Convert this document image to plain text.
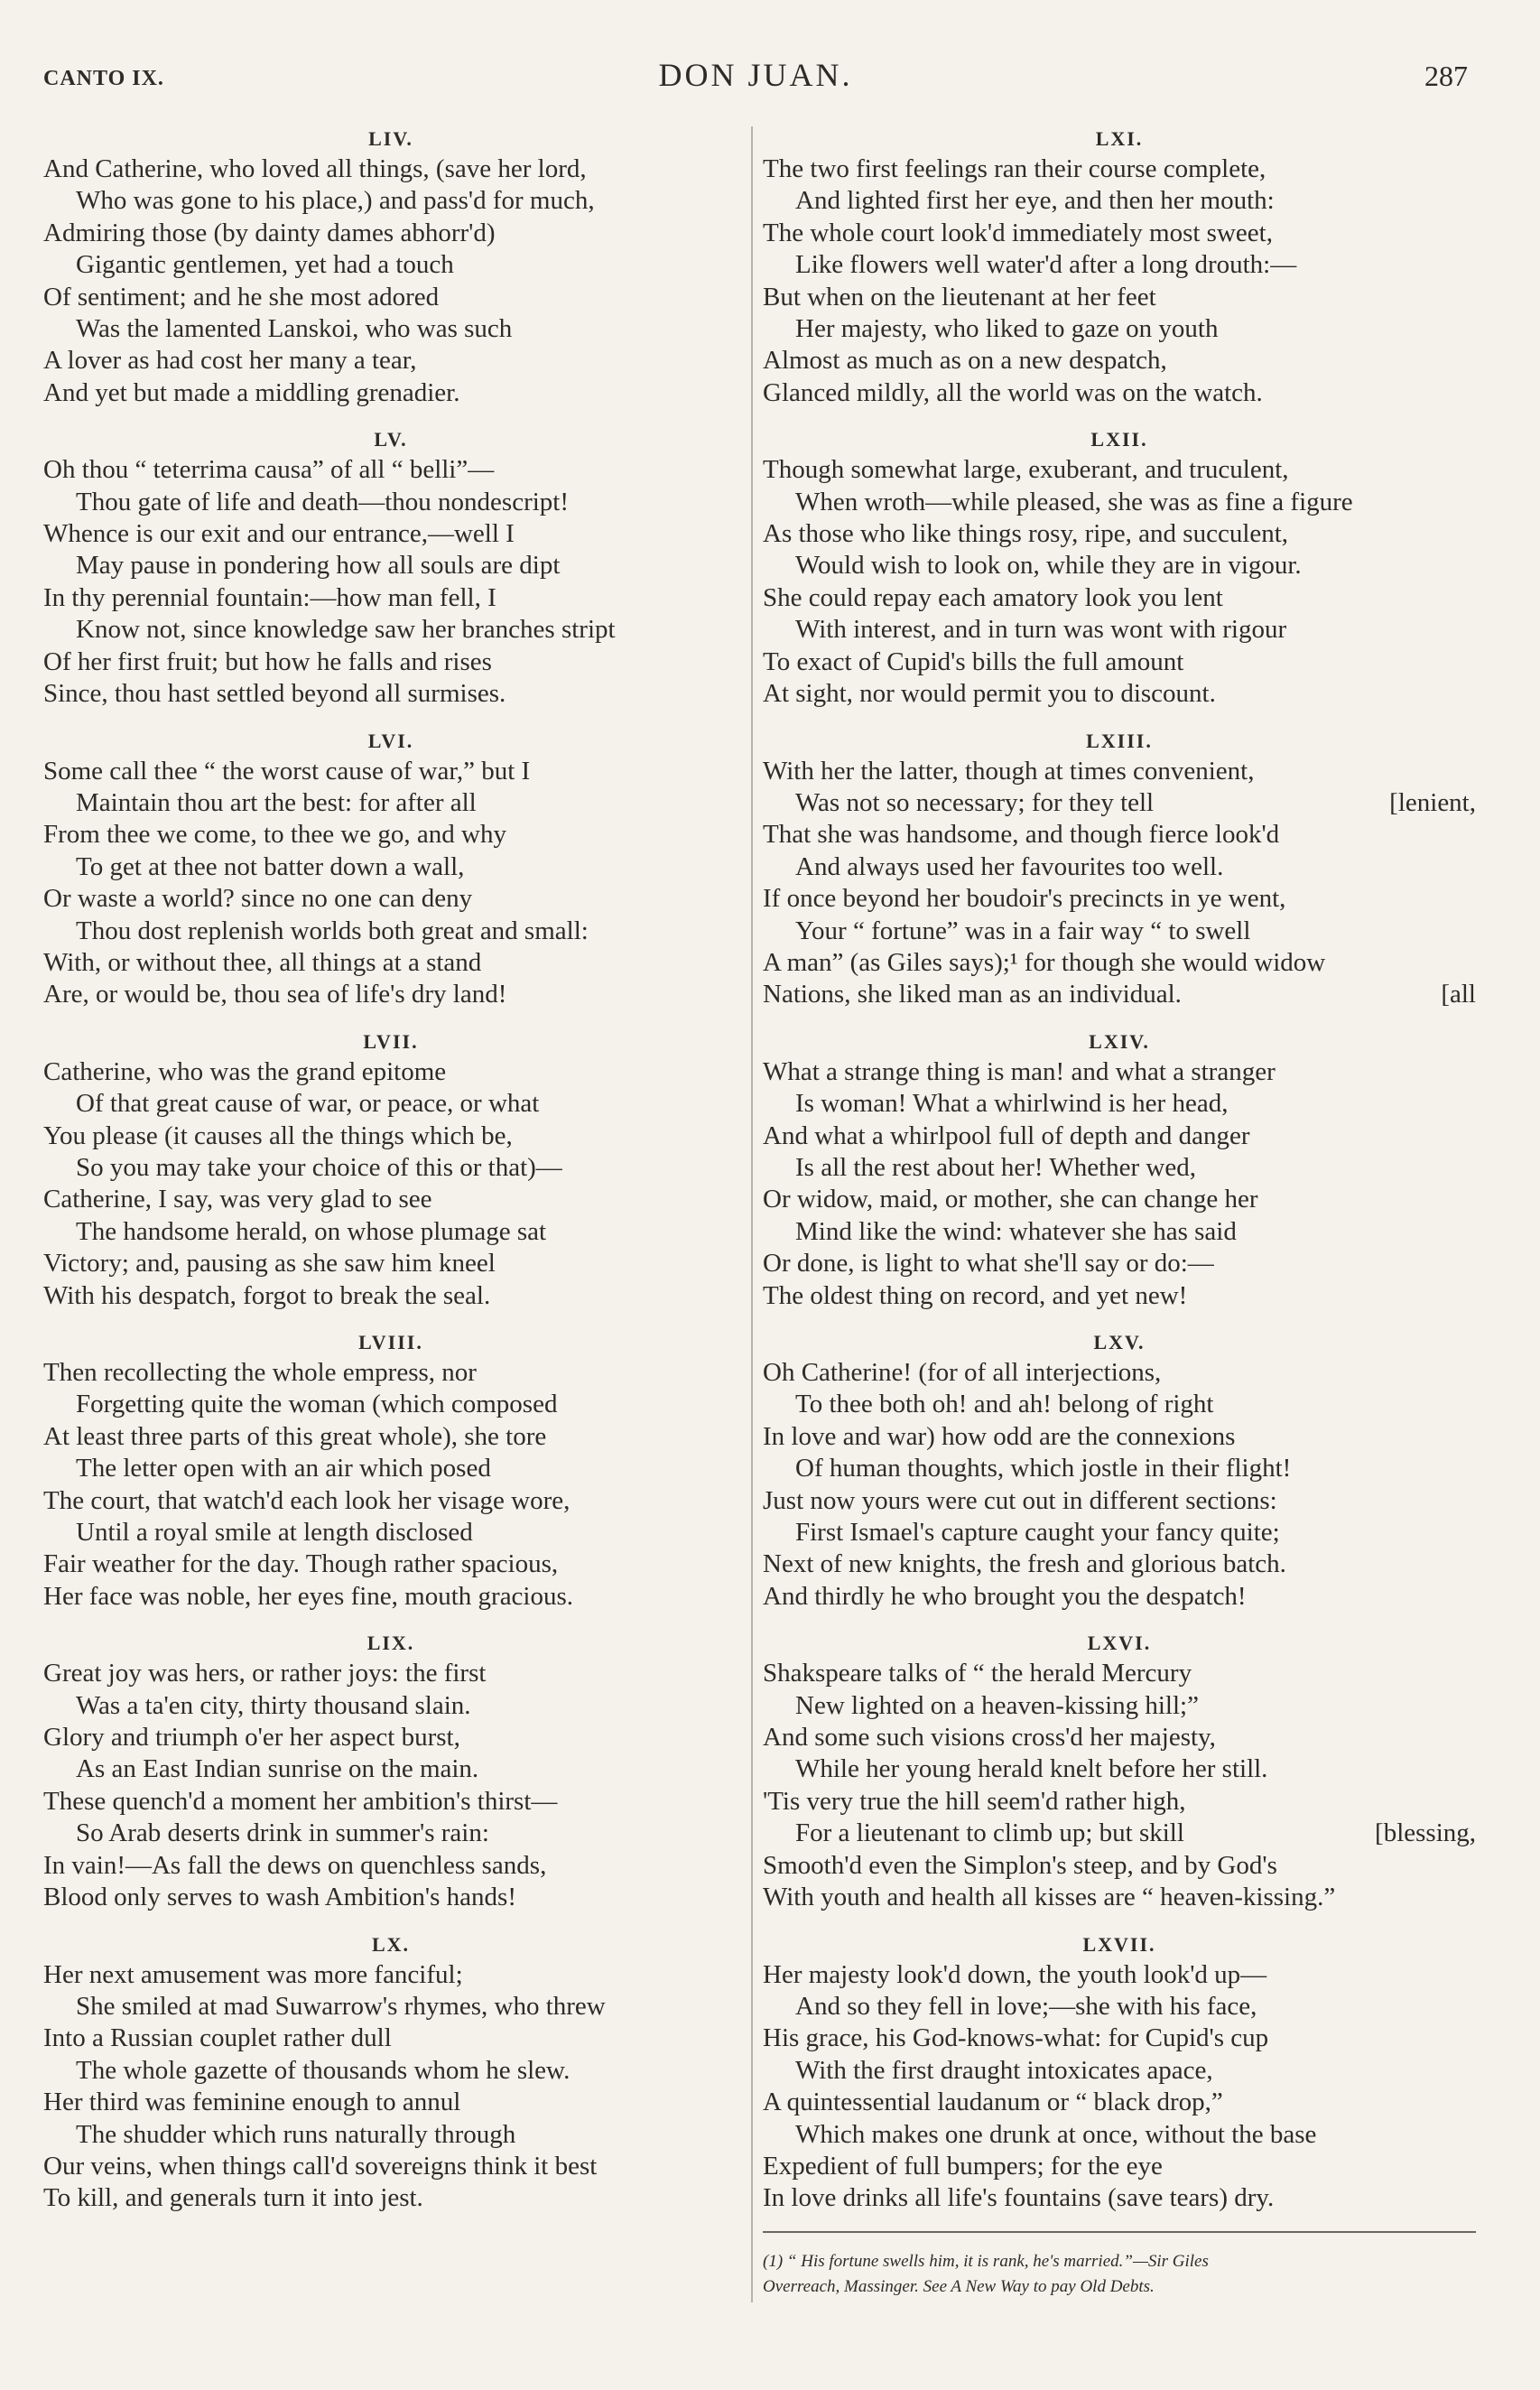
CANTO IX.	DON JUAN.	287
LIV.
And Catherine, who loved all things, (save her lord,
Who was gone to his place,) and pass'd for much,
Admiring those (by dainty dames abhorr'd)
Gigantic gentlemen, yet had a touch
Of sentiment; and he she most adored
Was the lamented Lanskoi, who was such
A lover as had cost her many a tear,
And yet but made a middling grenadier.
LV.
Oh thou “ teterrima causa” of all “ belli”—
Thou gate of life and death—thou nondescript!
Whence is our exit and our entrance,—well I
May pause in pondering how all souls are dipt
In thy perennial fountain:—how man fell, I
Know not, since knowledge saw her branches stript
Of her first fruit; but how he falls and rises
Since, thou hast settled beyond all surmises.
LVI.
Some call thee “ the worst cause of war,” but I
Maintain thou art the best: for after all
From thee we come, to thee we go, and why
To get at thee not batter down a wall,
Or waste a world? since no one can deny
Thou dost replenish worlds both great and small:
With, or without thee, all things at a stand
Are, or would be, thou sea of life's dry land!
LVII.
Catherine, who was the grand epitome
Of that great cause of war, or peace, or what
You please (it causes all the things which be,
So you may take your choice of this or that)—
Catherine, I say, was very glad to see
The handsome herald, on whose plumage sat
Victory; and, pausing as she saw him kneel
With his despatch, forgot to break the seal.
LVIII.
Then recollecting the whole empress, nor
Forgetting quite the woman (which composed
At least three parts of this great whole), she tore
The letter open with an air which posed
The court, that watch'd each look her visage wore,
Until a royal smile at length disclosed
Fair weather for the day. Though rather spacious,
Her face was noble, her eyes fine, mouth gracious.
LIX.
Great joy was hers, or rather joys: the first
Was a ta'en city, thirty thousand slain.
Glory and triumph o'er her aspect burst,
As an East Indian sunrise on the main.
These quench'd a moment her ambition's thirst—
So Arab deserts drink in summer's rain:
In vain!—As fall the dews on quenchless sands,
Blood only serves to wash Ambition's hands!
LX.
Her next amusement was more fanciful;
She smiled at mad Suwarrow's rhymes, who threw
Into a Russian couplet rather dull
The whole gazette of thousands whom he slew.
Her third was feminine enough to annul
The shudder which runs naturally through
Our veins, when things call'd sovereigns think it best
To kill, and generals turn it into jest.
LXI.
The two first feelings ran their course complete,
And lighted first her eye, and then her mouth:
The whole court look'd immediately most sweet,
Like flowers well water'd after a long drouth:—
But when on the lieutenant at her feet
Her majesty, who liked to gaze on youth
Almost as much as on a new despatch,
Glanced mildly, all the world was on the watch.
LXII.
Though somewhat large, exuberant, and truculent,
When wroth—while pleased, she was as fine a figure
As those who like things rosy, ripe, and succulent,
Would wish to look on, while they are in vigour.
She could repay each amatory look you lent
With interest, and in turn was wont with rigour
To exact of Cupid's bills the full amount
At sight, nor would permit you to discount.
LXIII.
With her the latter, though at times convenient,
Was not so necessary; for they tell	[lenient,
That she was handsome, and though fierce look'd
And always used her favourites too well.
If once beyond her boudoir's precincts in ye went,
Your “ fortune” was in a fair way “ to swell
A man” (as Giles says);¹ for though she would widow
Nations, she liked man as an individual.	[all
LXIV.
What a strange thing is man! and what a stranger
Is woman! What a whirlwind is her head,
And what a whirlpool full of depth and danger
Is all the rest about her! Whether wed,
Or widow, maid, or mother, she can change her
Mind like the wind: whatever she has said
Or done, is light to what she'll say or do:—
The oldest thing on record, and yet new!
LXV.
Oh Catherine! (for of all interjections,
To thee both oh! and ah! belong of right
In love and war) how odd are the connexions
Of human thoughts, which jostle in their flight!
Just now yours were cut out in different sections:
First Ismael's capture caught your fancy quite;
Next of new knights, the fresh and glorious batch.
And thirdly he who brought you the despatch!
LXVI.
Shakspeare talks of “ the herald Mercury
New lighted on a heaven-kissing hill;”
And some such visions cross'd her majesty,
While her young herald knelt before her still.
'Tis very true the hill seem'd rather high,
For a lieutenant to climb up; but skill	[blessing,
Smooth'd even the Simplon's steep, and by God's
With youth and health all kisses are “ heaven-kissing.”
LXVII.
Her majesty look'd down, the youth look'd up—
And so they fell in love;—she with his face,
His grace, his God-knows-what: for Cupid's cup
With the first draught intoxicates apace,
A quintessential laudanum or “ black drop,”
Which makes one drunk at once, without the base
Expedient of full bumpers; for the eye
In love drinks all life's fountains (save tears) dry.
(1) “ His fortune swells him, it is rank, he's married.”—Sir Giles
Overreach, Massinger. See A New Way to pay Old Debts.
